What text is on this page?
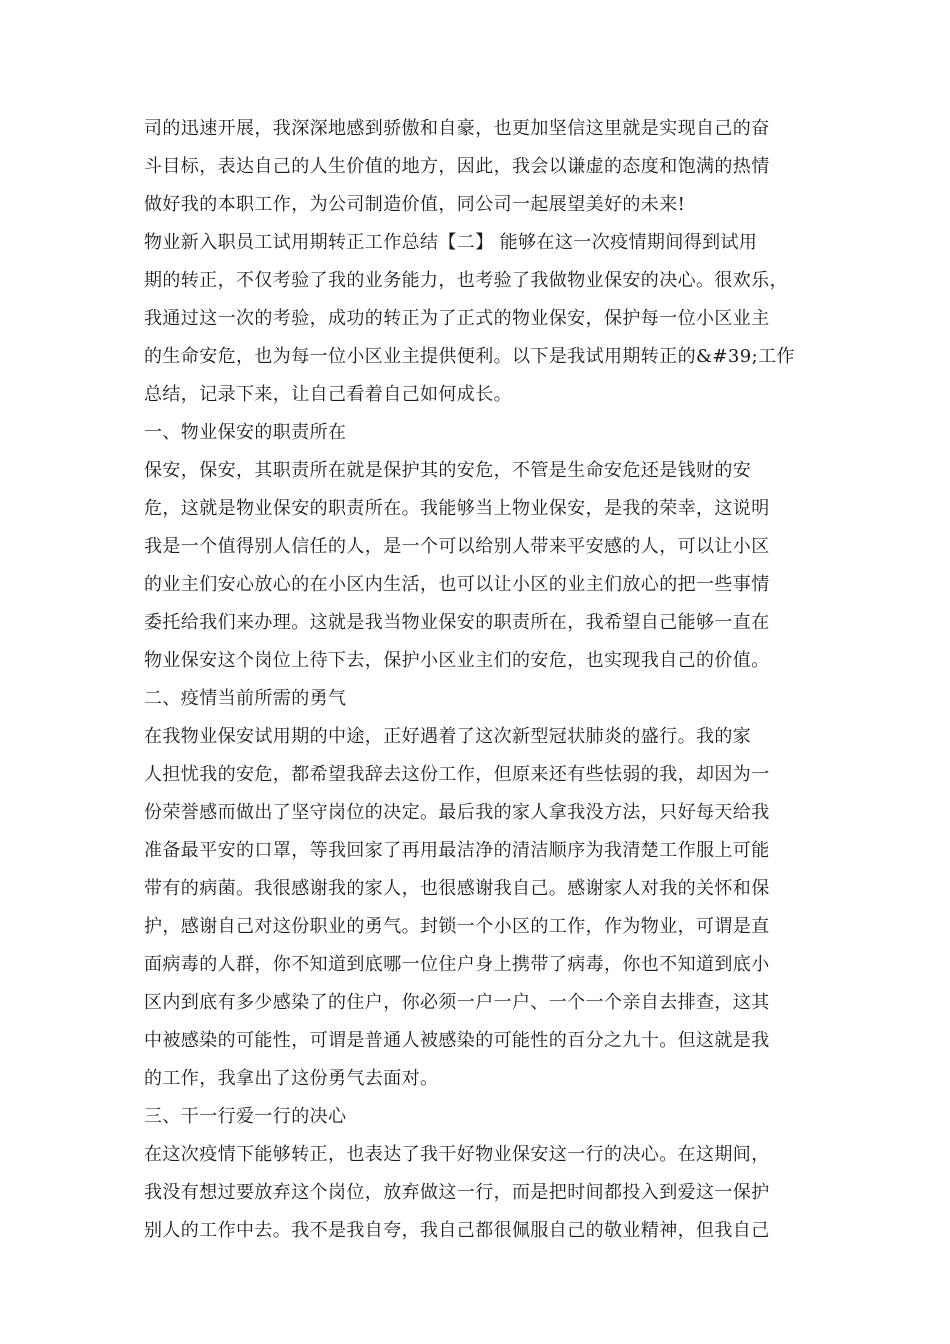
司的迅速开展，我深深地感到骄傲和自豪，也更加坚信这里就是实现自己的奋
斗目标，表达自己的人生价值的地方，因此，我会以谦虚的态度和饱满的热情
做好我的本职工作，为公司制造价值，同公司一起展望美好的未来!
物业新入职员工试用期转正工作总结【二】 能够在这一次疫情期间得到试用
期的转正，不仅考验了我的业务能力，也考验了我做物业保安的决心。很欢乐，
我通过这一次的考验，成功的转正为了正式的物业保安，保护每一位小区业主
的生命安危，也为每一位小区业主提供便利。以下是我试用期转正的&#39;工作
总结，记录下来，让自己看着自己如何成长。
一、物业保安的职责所在
保安，保安，其职责所在就是保护其的安危，不管是生命安危还是钱财的安
危，这就是物业保安的职责所在。我能够当上物业保安，是我的荣幸，这说明
我是一个值得别人信任的人，是一个可以给别人带来平安感的人，可以让小区
的业主们安心放心的在小区内生活，也可以让小区的业主们放心的把一些事情
委托给我们来办理。这就是我当物业保安的职责所在，我希望自己能够一直在
物业保安这个岗位上待下去，保护小区业主们的安危，也实现我自己的价值。
二、疫情当前所需的勇气
在我物业保安试用期的中途，正好遇着了这次新型冠状肺炎的盛行。我的家
人担忧我的安危，都希望我辞去这份工作，但原来还有些怯弱的我，却因为一
份荣誉感而做出了坚守岗位的决定。最后我的家人拿我没方法，只好每天给我
准备最平安的口罩，等我回家了再用最洁净的清洁顺序为我清楚工作服上可能
带有的病菌。我很感谢我的家人，也很感谢我自己。感谢家人对我的关怀和保
护，感谢自己对这份职业的勇气。封锁一个小区的工作，作为物业，可谓是直
面病毒的人群，你不知道到底哪一位住户身上携带了病毒，你也不知道到底小
区内到底有多少感染了的住户，你必须一户一户、一个一个亲自去排查，这其
中被感染的可能性，可谓是普通人被感染的可能性的百分之九十。但这就是我
的工作，我拿出了这份勇气去面对。
三、干一行爱一行的决心
在这次疫情下能够转正，也表达了我干好物业保安这一行的决心。在这期间，
我没有想过要放弃这个岗位，放弃做这一行，而是把时间都投入到爱这一保护
别人的工作中去。我不是我自夸，我自己都很佩服自己的敬业精神，但我自己
